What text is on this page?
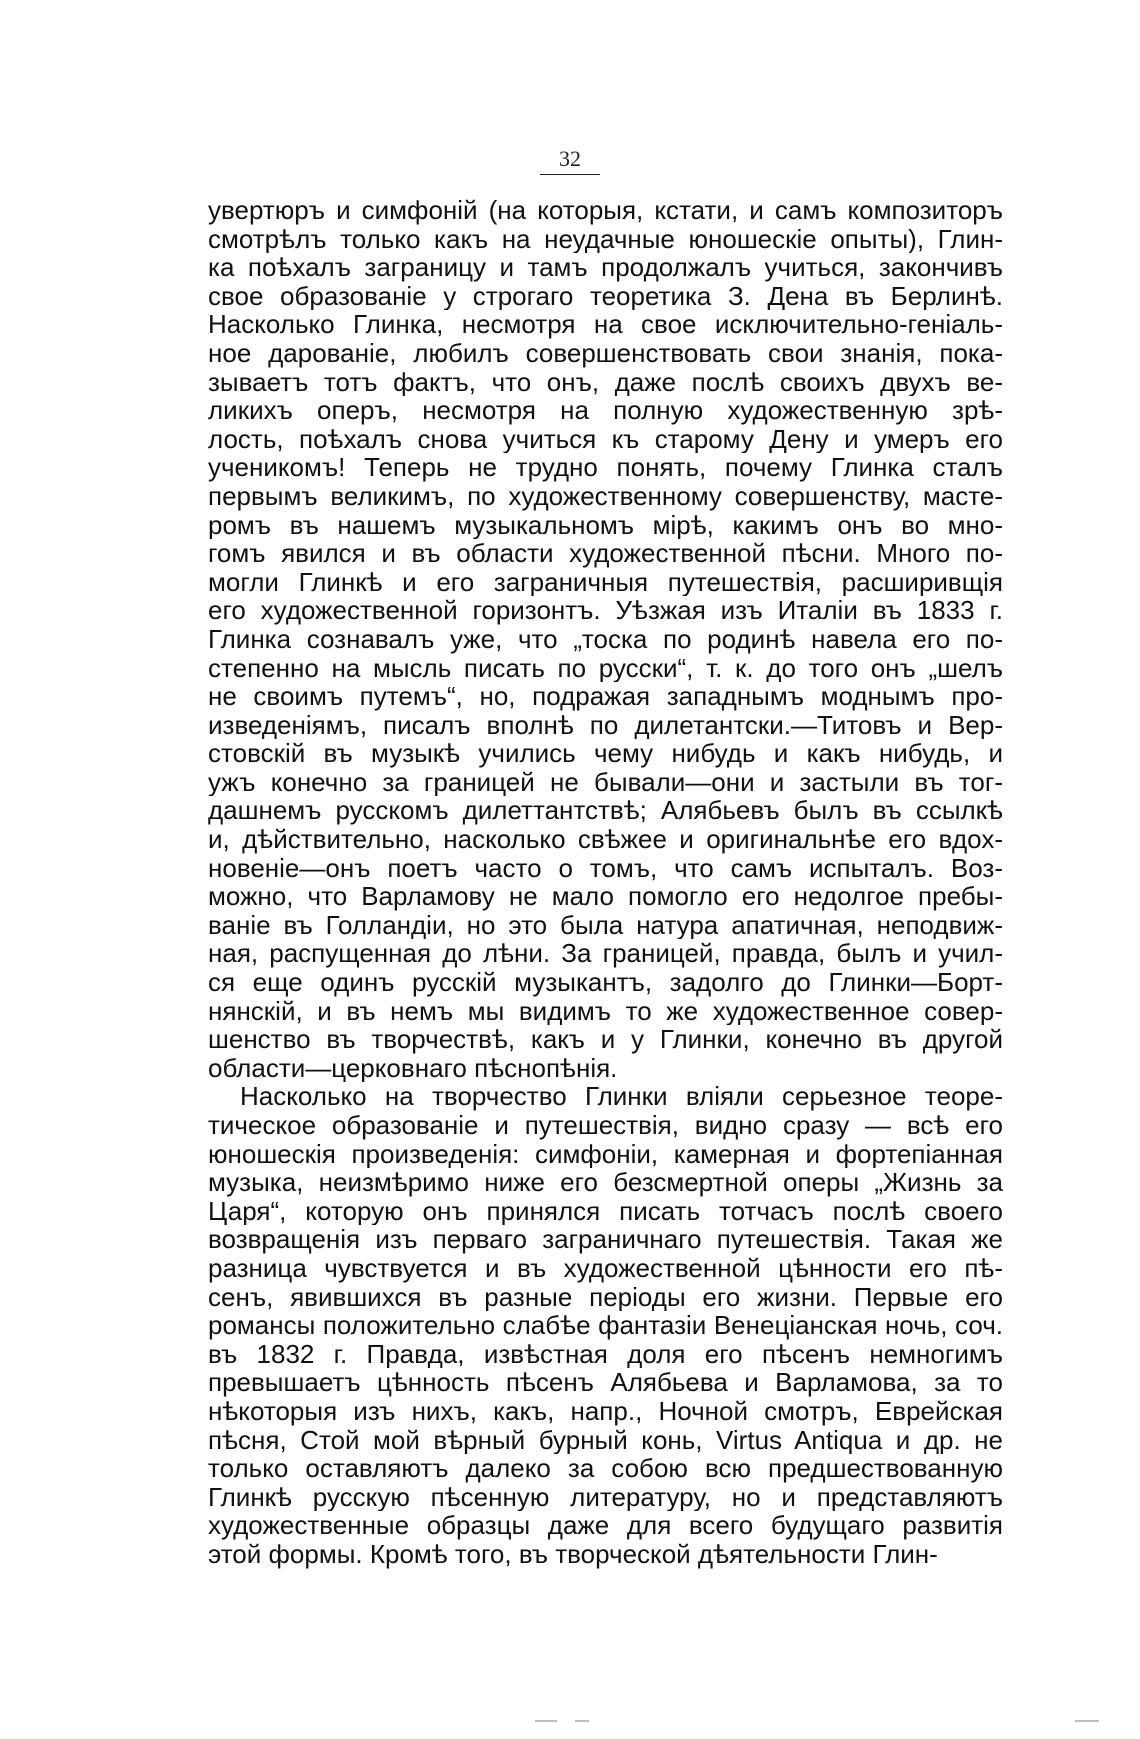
32
увертюръ и симфоній (на которыя, кстати, и самъ композиторъ
смотрѣлъ только какъ на неудачные юношескіе опыты), Глин-
ка поѣхалъ заграницу и тамъ продолжалъ учиться, закончивъ
свое образованіе у строгаго теоретика З. Дена въ Берлинѣ.
Насколько Глинка, несмотря на свое исключительно-геніаль-
ное дарованіе, любилъ совершенствовать свои знанія, пока-
зываетъ тотъ фактъ, что онъ, даже послѣ своихъ двухъ ве-
ликихъ оперъ, несмотря на полную художественную зрѣ-
лость, поѣхалъ снова учиться къ старому Дену и умеръ его
ученикомъ! Теперь не трудно понять, почему Глинка сталъ
первымъ великимъ, по художественному совершенству, масте-
ромъ въ нашемъ музыкальномъ мірѣ, какимъ онъ во мно-
гомъ явился и въ области художественной пѣсни. Много по-
могли Глинкѣ и его заграничныя путешествія, расширивщія
его художественной горизонтъ. Уѣзжая изъ Италіи въ 1833 г.
Глинка сознавалъ уже, что „тоска по родинѣ навела его по-
степенно на мысль писать по русски“, т. к. до того онъ „шелъ
не своимъ путемъ“, но, подражая западнымъ моднымъ про-
изведеніямъ, писалъ вполнѣ по дилетантски.—Титовъ и Вер-
стовскій въ музыкѣ учились чему нибудь и какъ нибудь, и
ужъ конечно за границей не бывали—они и застыли въ тог-
дашнемъ русскомъ дилеттантствѣ; Алябьевъ былъ въ ссылкѣ
и, дѣйствительно, насколько свѣжее и оригинальнѣе его вдох-
новеніе—онъ поетъ часто о томъ, что самъ испыталъ. Воз-
можно, что Варламову не мало помогло его недолгое пребы-
ваніе въ Голландіи, но это была натура апатичная, неподвиж-
ная, распущенная до лѣни. За границей, правда, былъ и учил-
ся еще одинъ русскій музыкантъ, задолго до Глинки—Борт-
нянскій, и въ немъ мы видимъ то же художественное совер-
шенство въ творчествѣ, какъ и у Глинки, конечно въ другой
области—церковнаго пѣснопѣнія.
Насколько на творчество Глинки вліяли серьезное теоре-
тическое образованіе и путешествія, видно сразу — всѣ его
юношескія произведенія: симфоніи, камерная и фортепіанная
музыка, неизмѣримо ниже его безсмертной оперы „Жизнь за
Царя“, которую онъ принялся писать тотчасъ послѣ своего
возвращенія изъ перваго заграничнаго путешествія. Такая же
разница чувствуется и въ художественной цѣнности его пѣ-
сенъ, явившихся въ разные періоды его жизни. Первые его
романсы положительно слабѣе фантазіи Венеціанская ночь, соч.
въ 1832 г. Правда, извѣстная доля его пѣсенъ немногимъ
превышаетъ цѣнность пѣсенъ Алябьева и Варламова, за то
нѣкоторыя изъ нихъ, какъ, напр., Ночной смотръ, Еврейская
пѣсня, Стой мой вѣрный бурный конь, Virtus Antiqua и др. не
только оставляютъ далеко за собою всю предшествованную
Глинкѣ русскую пѣсенную литературу, но и представляютъ
художественные образцы даже для всего будущаго развитія
этой формы. Кромѣ того, въ творческой дѣятельности Глин-
